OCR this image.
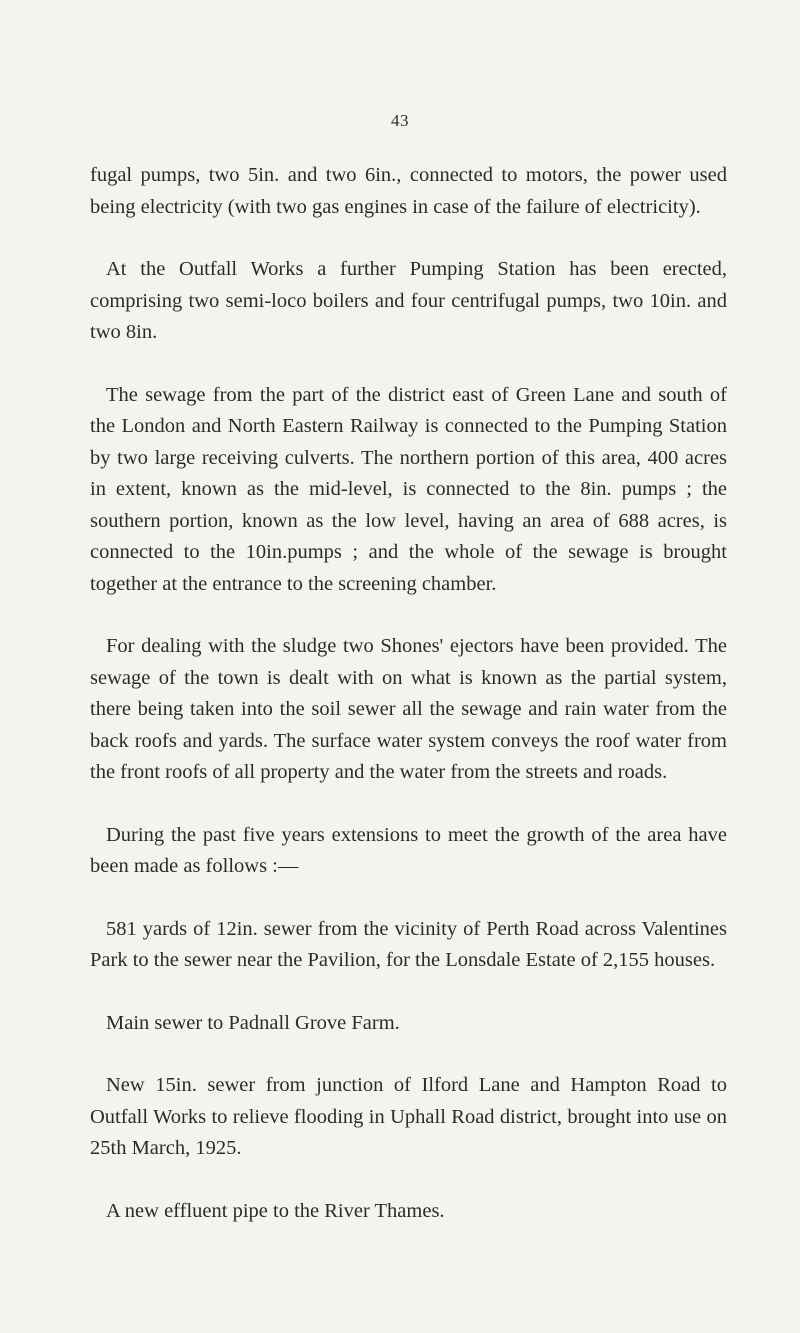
43

fugal pumps, two 5in. and two 6in., connected to motors, the power used being electricity (with two gas engines in case of the failure of electricity).

At the Outfall Works a further Pumping Station has been erected, comprising two semi-loco boilers and four centrifugal pumps, two 10in. and two 8in.

The sewage from the part of the district east of Green Lane and south of the London and North Eastern Railway is connected to the Pumping Station by two large receiving culverts. The northern portion of this area, 400 acres in extent, known as the mid-level, is connected to the 8in. pumps ; the southern portion, known as the low level, having an area of 688 acres, is connected to the 10in.pumps ; and the whole of the sewage is brought together at the entrance to the screening chamber.

For dealing with the sludge two Shones' ejectors have been provided. The sewage of the town is dealt with on what is known as the partial system, there being taken into the soil sewer all the sewage and rain water from the back roofs and yards. The surface water system conveys the roof water from the front roofs of all property and the water from the streets and roads.

During the past five years extensions to meet the growth of the area have been made as follows :—

581 yards of 12in. sewer from the vicinity of Perth Road across Valentines Park to the sewer near the Pavilion, for the Lonsdale Estate of 2,155 houses.

Main sewer to Padnall Grove Farm.

New 15in. sewer from junction of Ilford Lane and Hampton Road to Outfall Works to relieve flooding in Uphall Road district, brought into use on 25th March, 1925.

A new effluent pipe to the River Thames.
